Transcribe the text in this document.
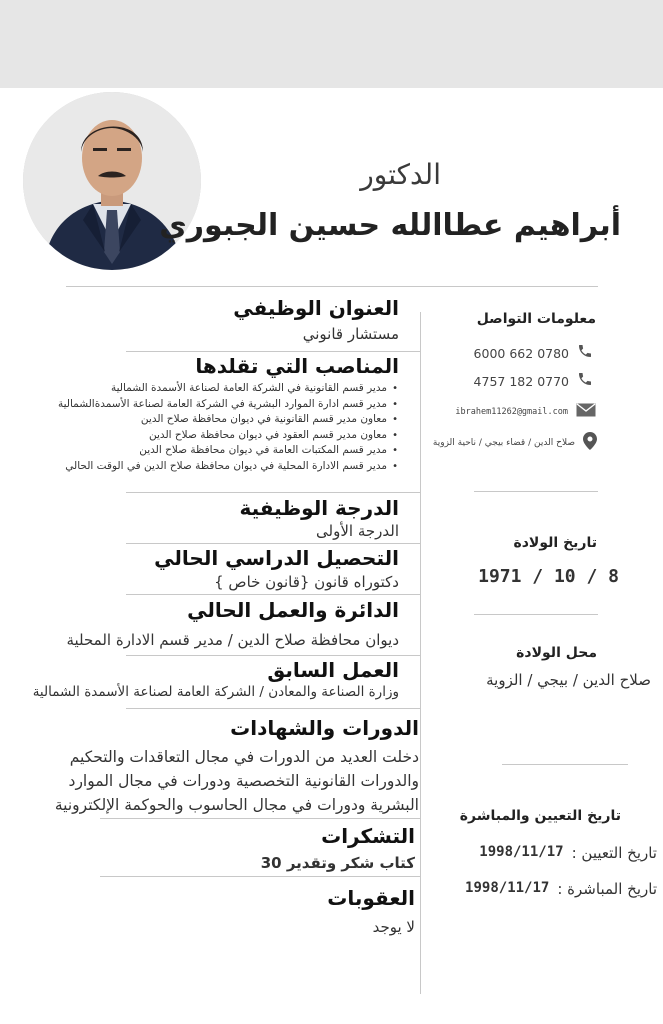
الدكتور
أبراهيم عطاالله حسين الجبوري
العنوان الوظيفي
مستشار قانوني
المناصب التي تقلدها
• مدير قسم القانونية في الشركة العامة لصناعة الأسمدة الشمالية
• مدير قسم ادارة الموارد البشرية في الشركة العامة لصناعة الأسمدةالشمالية
• معاون مدير قسم القانونية في ديوان محافظة صلاح الدين
• معاون مدير قسم العقود في ديوان محافظة صلاح الدين
• مدير قسم المكتبات العامة في ديوان محافظة صلاح الدين
• مدير قسم الادارة المحلية في ديوان محافظة صلاح الدين في الوقت الحالي
الدرجة الوظيفية
الدرجة الأولى
التحصيل الدراسي الحالي
دكتوراه قانون {قانون خاص }
الدائرة والعمل الحالي
ديوان محافظة صلاح الدين / مدير قسم الادارة المحلية
العمل السابق
وزارة الصناعة والمعادن / الشركة العامة لصناعة الأسمدة الشمالية
الدورات والشهادات
دخلت العديد من الدورات في مجال التعاقدات والتحكيم
والدورات القانونية التخصصية ودورات في مجال الموارد
البشرية ودورات في مجال الحاسوب والحوكمة الإلكترونية
التشكرات
كتاب شكر وتقدير 30
العقوبات
لا يوجد
معلومات التواصل
0780 662 6000
0770 182 4757
ibrahem11262@gmail.com
صلاح الدين / قضاء بيجي / ناحية الزوية
تاريخ الولادة
1971 / 10 / 8
محل الولادة
صلاح الدين / بيجي / الزوية
تاريخ التعيين والمباشرة
تاريخ التعيين :
1998/11/17
تاريخ المباشرة :
1998/11/17
